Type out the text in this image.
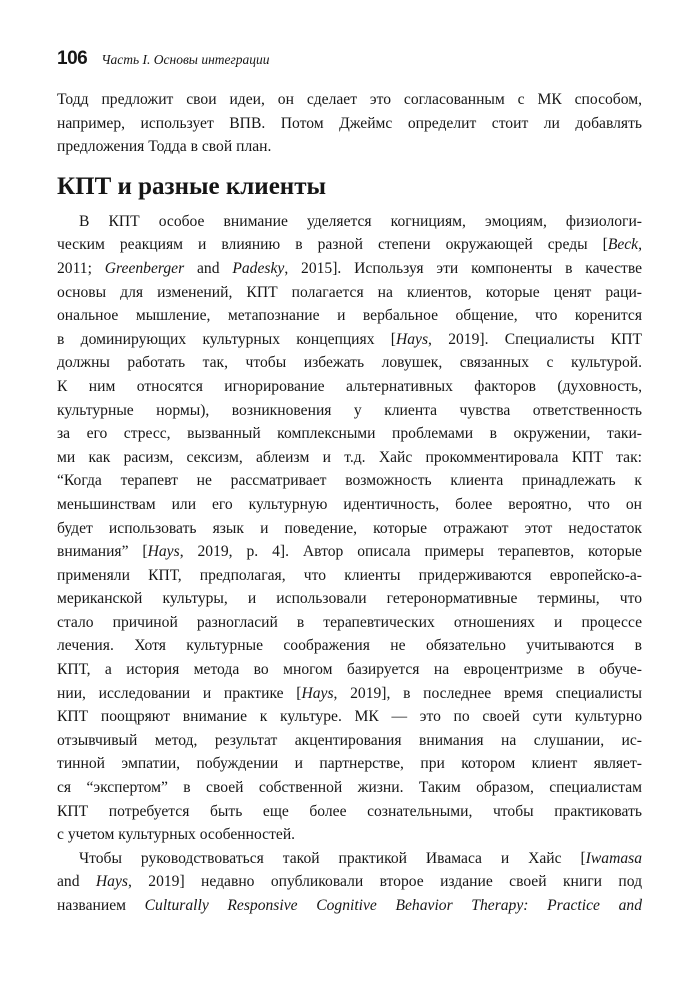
106 Часть I. Основы интеграции

Тодд предложит свои идеи, он сделает это согласованным с МК способом,
например, использует ВПВ. Потом Джеймс определит стоит ли добавлять
предложения Тодда в свой план.

КПТ и разные клиенты

В КПТ особое внимание уделяется когнициям, эмоциям, физиологи-
ческим реакциям и влиянию в разной степени окружающей среды [Beck,
2011; Greenberger and Padesky, 2015]. Используя эти компоненты в качестве
основы для изменений, КПТ полагается на клиентов, которые ценят раци-
ональное мышление, метапознание и вербальное общение, что коренится
в доминирующих культурных концепциях [Hays, 2019]. Специалисты КПТ
должны работать так, чтобы избежать ловушек, связанных с культурой.
К ним относятся игнорирование альтернативных факторов (духовность,
культурные нормы), возникновения у клиента чувства ответственность
за его стресс, вызванный комплексными проблемами в окружении, таки-
ми как расизм, сексизм, аблеизм и т.д. Хайс прокомментировала КПТ так:
“Когда терапевт не рассматривает возможность клиента принадлежать к
меньшинствам или его культурную идентичность, более вероятно, что он
будет использовать язык и поведение, которые отражают этот недостаток
внимания” [Hays, 2019, p. 4]. Автор описала примеры терапевтов, которые
применяли КПТ, предполагая, что клиенты придерживаются европейско-а-
мериканской культуры, и использовали гетеронормативные термины, что
стало причиной разногласий в терапевтических отношениях и процессе
лечения. Хотя культурные соображения не обязательно учитываются в
КПТ, а история метода во многом базируется на евроцентризме в обуче-
нии, исследовании и практике [Hays, 2019], в последнее время специалисты
КПТ поощряют внимание к культуре. МК — это по своей сути культурно
отзывчивый метод, результат акцентирования внимания на слушании, ис-
тинной эмпатии, побуждении и партнерстве, при котором клиент являет-
ся “экспертом” в своей собственной жизни. Таким образом, специалистам
КПТ потребуется быть еще более сознательными, чтобы практиковать
с учетом культурных особенностей.

Чтобы руководствоваться такой практикой Ивамаса и Хайс [Iwamasa
and Hays, 2019] недавно опубликовали второе издание своей книги под
названием Culturally Responsive Cognitive Behavior Therapy: Practice and
